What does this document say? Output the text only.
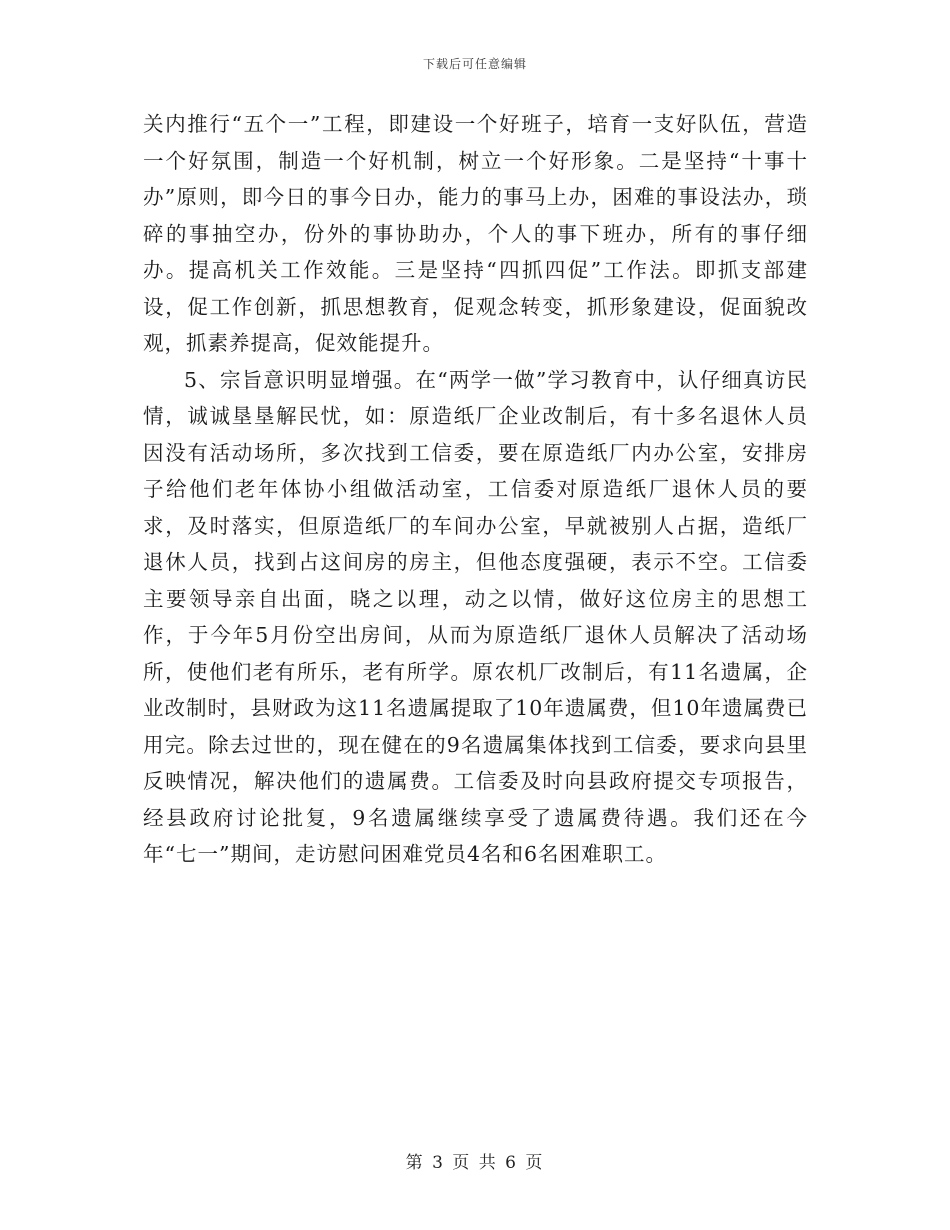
下载后可任意编辑

关内推行“五个一”工程，即建设一个好班子，培育一支好队伍，营造一个好氛围，制造一个好机制，树立一个好形象。二是坚持“十事十办”原则，即今日的事今日办，能力的事马上办，困难的事设法办，琐碎的事抽空办，份外的事协助办，个人的事下班办，所有的事仔细办。提高机关工作效能。三是坚持“四抓四促”工作法。即抓支部建设，促工作创新，抓思想教育，促观念转变，抓形象建设，促面貌改观，抓素养提高，促效能提升。

5、宗旨意识明显增强。在“两学一做”学习教育中，认仔细真访民情，诚诚垦垦解民忧，如：原造纸厂企业改制后，有十多名退休人员因没有活动场所，多次找到工信委，要在原造纸厂内办公室，安排房子给他们老年体协小组做活动室，工信委对原造纸厂退休人员的要求，及时落实，但原造纸厂的车间办公室，早就被别人占据，造纸厂退休人员，找到占这间房的房主，但他态度强硬，表示不空。工信委主要领导亲自出面，晓之以理，动之以情，做好这位房主的思想工作，于今年5月份空出房间，从而为原造纸厂退休人员解决了活动场所，使他们老有所乐，老有所学。原农机厂改制后，有11名遗属，企业改制时，县财政为这11名遗属提取了10年遗属费，但10年遗属费已用完。除去过世的，现在健在的9名遗属集体找到工信委，要求向县里反映情况，解决他们的遗属费。工信委及时向县政府提交专项报告，经县政府讨论批复，9名遗属继续享受了遗属费待遇。我们还在今年“七一”期间，走访慰问困难党员4名和6名困难职工。

第 3 页 共 6 页
